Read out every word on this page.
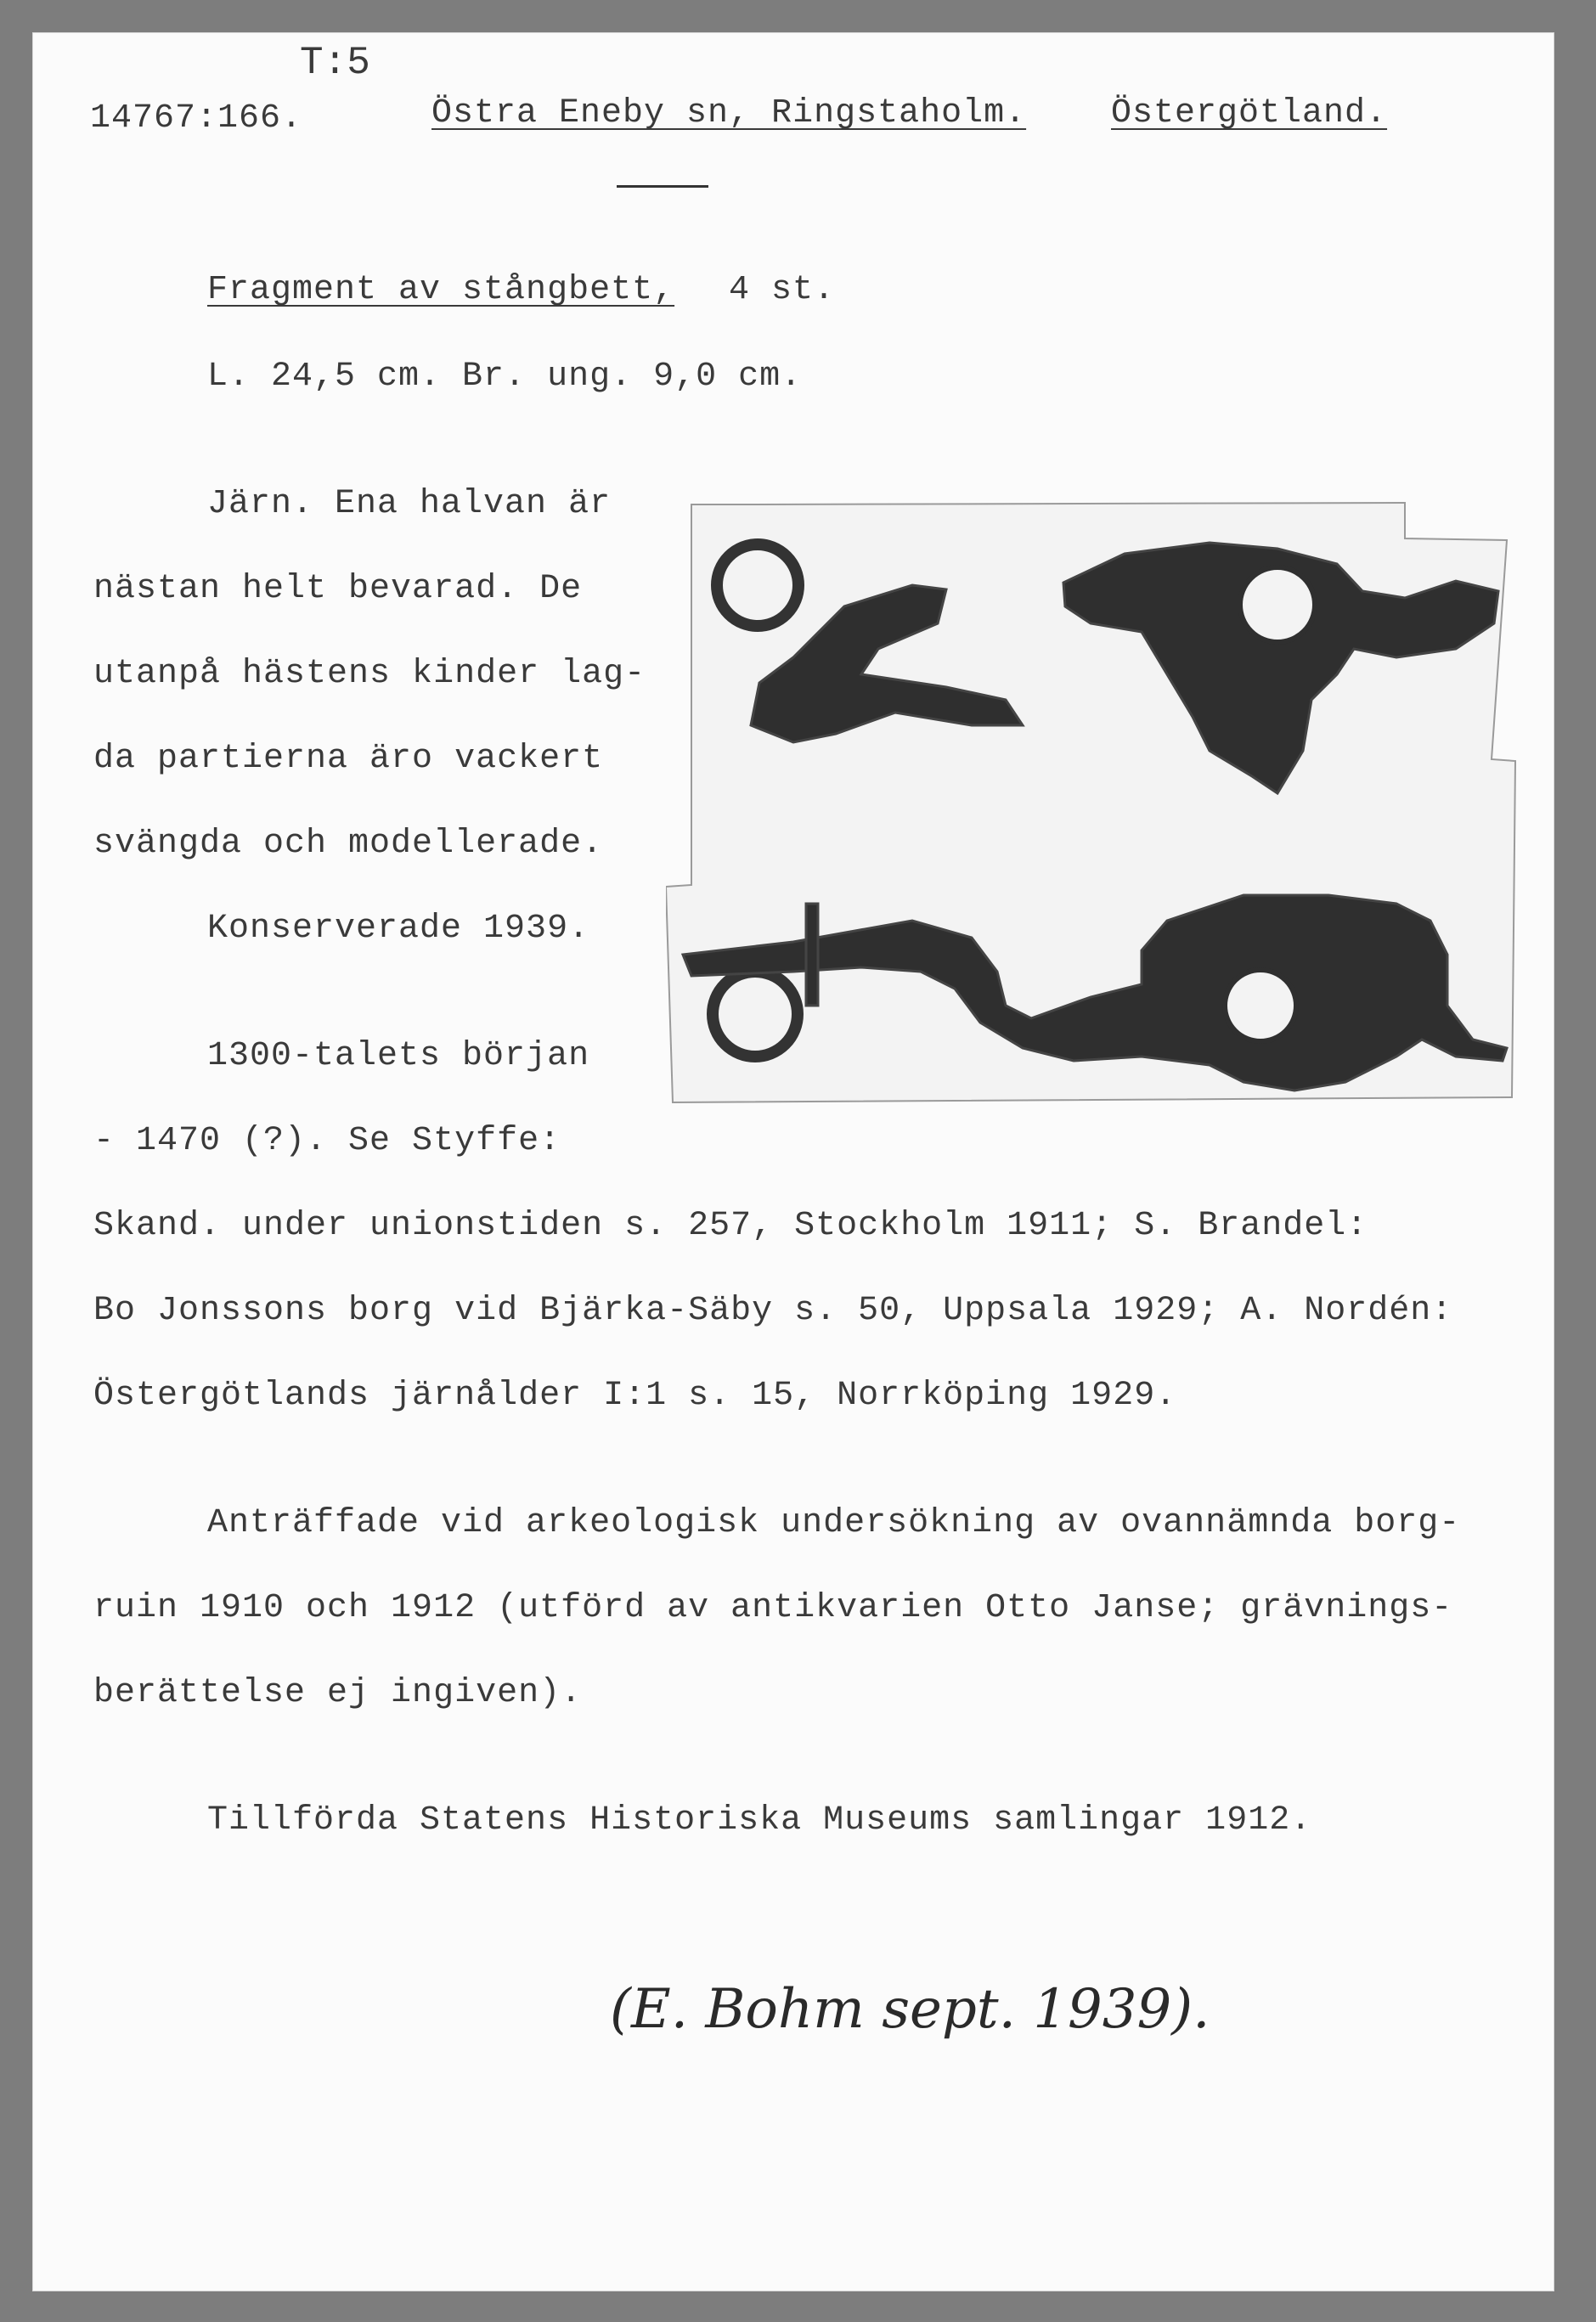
T:5
14767:166.	Östra Eneby sn, Ringstaholm. Östergötland.
Fragment av stångbett, 4 st.
L. 24,5 cm. Br. ung. 9,0 cm.
Järn. Ena halvan är
nästan helt bevarad. De
utanpå hästens kinder lag-
da partierna äro vackert
svängda och modellerade.
Konserverade 1939.
1300-talets början
- 1470 (?). Se Styffe:
Skand. under unionstiden s. 257, Stockholm 1911; S. Brandel:
Bo Jonssons borg vid Bjärka-Säby s. 50, Uppsala 1929; A. Nordén:
Östergötlands järnålder I:1 s. 15, Norrköping 1929.
Anträffade vid arkeologisk undersökning av ovannämnda borg-
ruin 1910 och 1912 (utförd av antikvarien Otto Janse; grävnings-
berättelse ej ingiven).
Tillförda Statens Historiska Museums samlingar 1912.
(E. Bohm sept. 1939).
